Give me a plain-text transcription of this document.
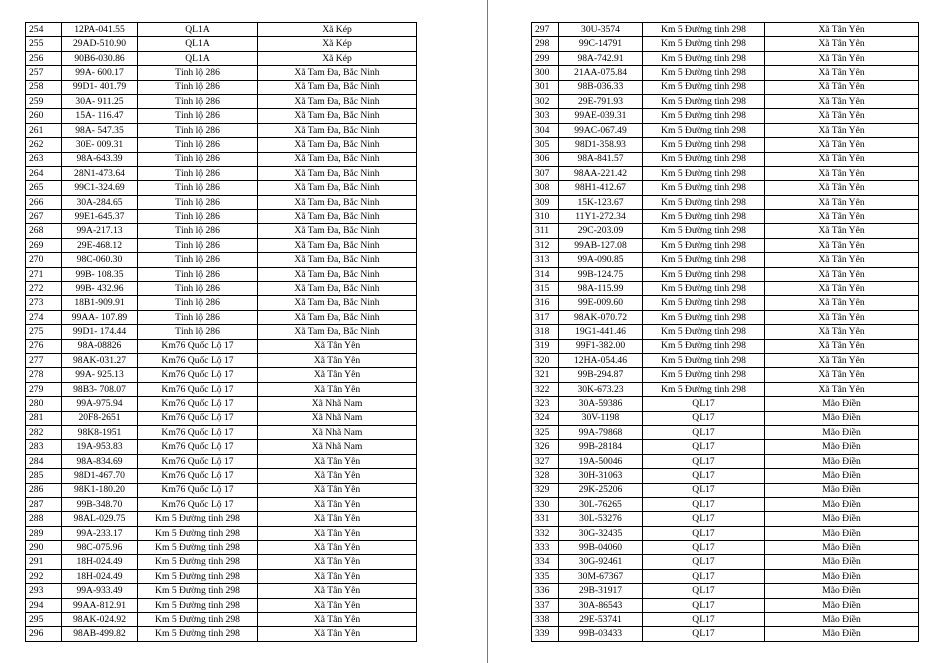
254	12PA-041.55	QL1A	Xã Kép
255	29AD-510.90	QL1A	Xã Kép
256	90B6-030.86	QL1A	Xã Kép
257	99A- 600.17	Tỉnh lộ 286	Xã Tam Đa, Bắc Ninh
258	99D1- 401.79	Tỉnh lộ 286	Xã Tam Đa, Bắc Ninh
259	30A- 911.25	Tỉnh lộ 286	Xã Tam Đa, Bắc Ninh
260	15A- 116.47	Tỉnh lộ 286	Xã Tam Đa, Bắc Ninh
261	98A- 547.35	Tỉnh lộ 286	Xã Tam Đa, Bắc Ninh
262	30E- 009.31	Tỉnh lộ 286	Xã Tam Đa, Bắc Ninh
263	98A-643.39	Tỉnh lộ 286	Xã Tam Đa, Bắc Ninh
264	28N1-473.64	Tỉnh lộ 286	Xã Tam Đa, Bắc Ninh
265	99C1-324.69	Tỉnh lộ 286	Xã Tam Đa, Bắc Ninh
266	30A-284.65	Tỉnh lộ 286	Xã Tam Đa, Bắc Ninh
267	99E1-645.37	Tỉnh lộ 286	Xã Tam Đa, Bắc Ninh
268	99A-217.13	Tỉnh lộ 286	Xã Tam Đa, Bắc Ninh
269	29E-468.12	Tỉnh lộ 286	Xã Tam Đa, Bắc Ninh
270	98C-060.30	Tỉnh lộ 286	Xã Tam Đa, Bắc Ninh
271	99B- 108.35	Tỉnh lộ 286	Xã Tam Đa, Bắc Ninh
272	99B- 432.96	Tỉnh lộ 286	Xã Tam Đa, Bắc Ninh
273	18B1-909.91	Tỉnh lộ 286	Xã Tam Đa, Bắc Ninh
274	99AA- 107.89	Tỉnh lộ 286	Xã Tam Đa, Bắc Ninh
275	99D1- 174.44	Tỉnh lộ 286	Xã Tam Đa, Bắc Ninh
276	98A-08826	Km76 Quốc Lộ 17	Xã Tân Yên
277	98AK-031.27	Km76 Quốc Lộ 17	Xã Tân Yên
278	99A- 925.13	Km76 Quốc Lộ 17	Xã Tân Yên
279	98B3- 708.07	Km76 Quốc Lộ 17	Xã Tân Yên
280	99A-975.94	Km76 Quốc Lộ 17	Xã Nhã Nam
281	20F8-2651	Km76 Quốc Lộ 17	Xã Nhã Nam
282	98K8-1951	Km76 Quốc Lộ 17	Xã Nhã Nam
283	19A-953.83	Km76 Quốc Lộ 17	Xã Nhã Nam
284	98A-834.69	Km76 Quốc Lộ 17	Xã Tân Yên
285	98D1-467.70	Km76 Quốc Lộ 17	Xã Tân Yên
286	98K1-180.20	Km76 Quốc Lộ 17	Xã Tân Yên
287	99B-348.70	Km76 Quốc Lộ 17	Xã Tân Yên
288	98AL-029.75	Km 5 Đường tỉnh 298	Xã Tân Yên
289	99A-233.17	Km 5 Đường tỉnh 298	Xã Tân Yên
290	98C-075.96	Km 5 Đường tỉnh 298	Xã Tân Yên
291	18H-024.49	Km 5 Đường tỉnh 298	Xã Tân Yên
292	18H-024.49	Km 5 Đường tỉnh 298	Xã Tân Yên
293	99A-933.49	Km 5 Đường tỉnh 298	Xã Tân Yên
294	99AA-812.91	Km 5 Đường tỉnh 298	Xã Tân Yên
295	98AK-024.92	Km 5 Đường tỉnh 298	Xã Tân Yên
296	98AB-499.82	Km 5 Đường tỉnh 298	Xã Tân Yên
297	30U-3574	Km 5 Đường tỉnh 298	Xã Tân Yên
298	99C-14791	Km 5 Đường tỉnh 298	Xã Tân Yên
299	98A-742.91	Km 5 Đường tỉnh 298	Xã Tân Yên
300	21AA-075.84	Km 5 Đường tỉnh 298	Xã Tân Yên
301	98B-036.33	Km 5 Đường tỉnh 298	Xã Tân Yên
302	29E-791.93	Km 5 Đường tỉnh 298	Xã Tân Yên
303	99AE-039.31	Km 5 Đường tỉnh 298	Xã Tân Yên
304	99AC-067.49	Km 5 Đường tỉnh 298	Xã Tân Yên
305	98D1-358.93	Km 5 Đường tỉnh 298	Xã Tân Yên
306	98A-841.57	Km 5 Đường tỉnh 298	Xã Tân Yên
307	98AA-221.42	Km 5 Đường tỉnh 298	Xã Tân Yên
308	98H1-412.67	Km 5 Đường tỉnh 298	Xã Tân Yên
309	15K-123.67	Km 5 Đường tỉnh 298	Xã Tân Yên
310	11Y1-272.34	Km 5 Đường tỉnh 298	Xã Tân Yên
311	29C-203.09	Km 5 Đường tỉnh 298	Xã Tân Yên
312	99AB-127.08	Km 5 Đường tỉnh 298	Xã Tân Yên
313	99A-090.85	Km 5 Đường tỉnh 298	Xã Tân Yên
314	99B-124.75	Km 5 Đường tỉnh 298	Xã Tân Yên
315	98A-115.99	Km 5 Đường tỉnh 298	Xã Tân Yên
316	99E-009.60	Km 5 Đường tỉnh 298	Xã Tân Yên
317	98AK-070.72	Km 5 Đường tỉnh 298	Xã Tân Yên
318	19G1-441.46	Km 5 Đường tỉnh 298	Xã Tân Yên
319	99F1-382.00	Km 5 Đường tỉnh 298	Xã Tân Yên
320	12HA-054.46	Km 5 Đường tỉnh 298	Xã Tân Yên
321	99B-294.87	Km 5 Đường tỉnh 298	Xã Tân Yên
322	30K-673.23	Km 5 Đường tỉnh 298	Xã Tân Yên
323	30A-59386	QL17	Mão Điền
324	30V-1198	QL17	Mão Điền
325	99A-79868	QL17	Mão Điền
326	99B-28184	QL17	Mão Điền
327	19A-50046	QL17	Mão Điền
328	30H-31063	QL17	Mão Điền
329	29K-25206	QL17	Mão Điền
330	30L-76265	QL17	Mão Điền
331	30L-53276	QL17	Mão Điền
332	30G-32435	QL17	Mão Điền
333	99B-04060	QL17	Mão Điền
334	30G-92461	QL17	Mão Điền
335	30M-67367	QL17	Mão Điền
336	29B-31917	QL17	Mão Điền
337	30A-86543	QL17	Mão Điền
338	29E-53741	QL17	Mão Điền
339	99B-03433	QL17	Mão Điền
